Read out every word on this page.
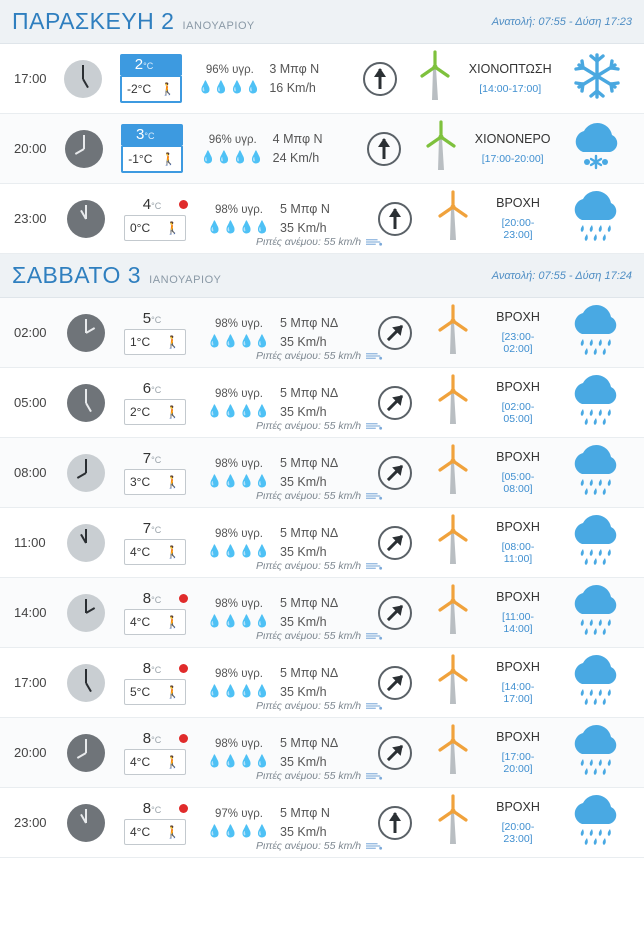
ΠΑΡΑΣΚΕΥΗ 2 ΙΑΝΟΥΑΡΙΟΥ	Ανατολή: 07:55 - Δύση 17:23
17:00
2°C
-2°C 🚶
96% υγρ.
💧💧💧💧
3 Μπφ Ν
16 Km/h
ΧΙΟΝΟΠΤΩΣΗ
[14:00-17:00]
20:00
3°C
-1°C 🚶
96% υγρ.
💧💧💧💧
4 Μπφ Ν
24 Km/h
ΧΙΟΝΟΝΕΡΟ
[17:00-20:00]
23:00
4°C
0°C 🚶
98% υγρ.
💧💧💧💧
5 Μπφ Ν
35 Km/h
ΒΡΟΧΗ
[20:00-23:00]
Ριπές ανέμου: 55 km/h
ΣΑΒΒΑΤΟ 3 ΙΑΝΟΥΑΡΙΟΥ	Ανατολή: 07:55 - Δύση 17:24
02:00
5°C
1°C 🚶
98% υγρ.
💧💧💧💧
5 Μπφ ΝΔ
35 Km/h
ΒΡΟΧΗ
[23:00-02:00]
Ριπές ανέμου: 55 km/h
05:00
6°C
2°C 🚶
98% υγρ.
💧💧💧💧
5 Μπφ ΝΔ
35 Km/h
ΒΡΟΧΗ
[02:00-05:00]
Ριπές ανέμου: 55 km/h
08:00
7°C
3°C 🚶
98% υγρ.
💧💧💧💧
5 Μπφ ΝΔ
35 Km/h
ΒΡΟΧΗ
[05:00-08:00]
Ριπές ανέμου: 55 km/h
11:00
7°C
4°C 🚶
98% υγρ.
💧💧💧💧
5 Μπφ ΝΔ
35 Km/h
ΒΡΟΧΗ
[08:00-11:00]
Ριπές ανέμου: 55 km/h
14:00
8°C
4°C 🚶
98% υγρ.
💧💧💧💧
5 Μπφ ΝΔ
35 Km/h
ΒΡΟΧΗ
[11:00-14:00]
Ριπές ανέμου: 55 km/h
17:00
8°C
5°C 🚶
98% υγρ.
💧💧💧💧
5 Μπφ ΝΔ
35 Km/h
ΒΡΟΧΗ
[14:00-17:00]
Ριπές ανέμου: 55 km/h
20:00
8°C
4°C 🚶
98% υγρ.
💧💧💧💧
5 Μπφ ΝΔ
35 Km/h
ΒΡΟΧΗ
[17:00-20:00]
Ριπές ανέμου: 55 km/h
23:00
8°C
4°C 🚶
97% υγρ.
💧💧💧💧
5 Μπφ Ν
35 Km/h
ΒΡΟΧΗ
[20:00-23:00]
Ριπές ανέμου: 55 km/h
